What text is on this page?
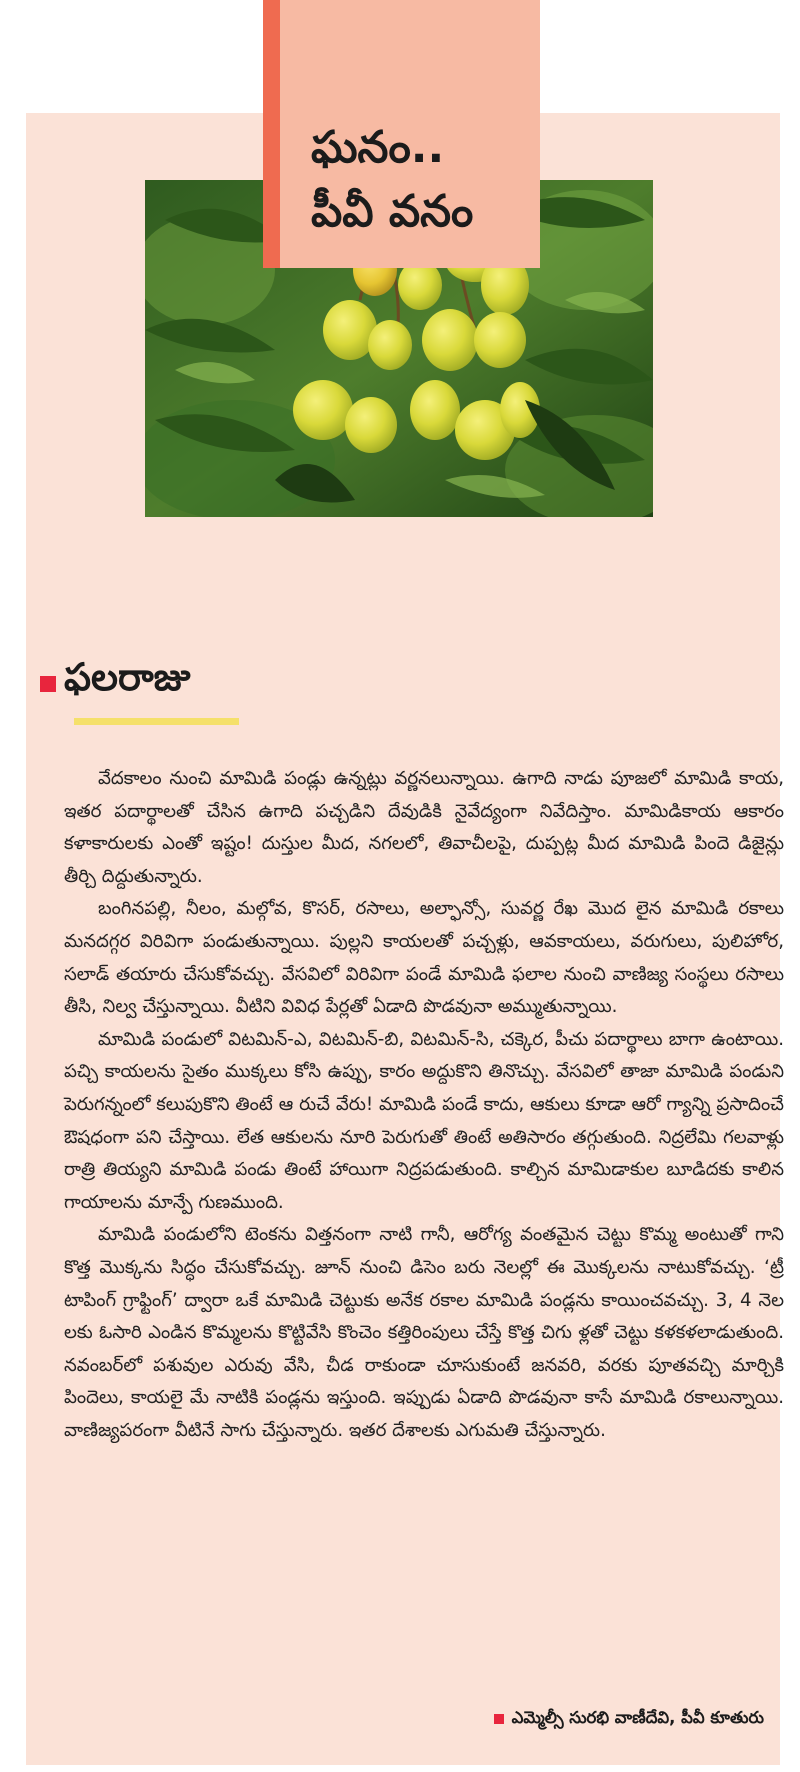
ఫలరాజు

వేదకాలం నుంచి మామిడి పండ్లు ఉన్నట్లు వర్ణనలున్నాయి. ఉగాది నాడు పూజలో మామిడి కాయ, ఇతర పదార్థాలతో చేసిన ఉగాది పచ్చడిని దేవుడికి నైవేద్యంగా నివేదిస్తాం. మామిడికాయ ఆకారం కళాకారులకు ఎంతో ఇష్టం! దుస్తుల మీద, నగలలో, తివాచీలపై, దుప్పట్ల మీద మామిడి పిందె డిజైన్లు తీర్చి దిద్దుతున్నారు.

బంగినపల్లి, నీలం, మల్గోవ, కొసర్, రసాలు, అల్ఫాన్సో, సువర్ణ రేఖ మొద లైన మామిడి రకాలు మనదగ్గర విరివిగా పండుతున్నాయి. పుల్లని కాయలతో పచ్చళ్లు, ఆవకాయలు, వరుగులు, పులిహోర, సలాడ్ తయారు చేసుకోవచ్చు. వేసవిలో విరివిగా పండే మామిడి ఫలాల నుంచి వాణిజ్య సంస్థలు రసాలు తీసి, నిల్వ చేస్తున్నాయి. వీటిని వివిధ పేర్లతో ఏడాది పొడవునా అమ్ముతున్నాయి.

మామిడి పండులో విటమిన్-ఎ, విటమిన్-బి, విటమిన్-సి, చక్కెర, పీచు పదార్థాలు బాగా ఉంటాయి. పచ్చి కాయలను సైతం ముక్కలు కోసి ఉప్పు, కారం అద్దుకొని తినొచ్చు. వేసవిలో తాజా మామిడి పండుని పెరుగన్నంలో కలుపుకొని తింటే ఆ రుచే వేరు! మామిడి పండే కాదు, ఆకులు కూడా ఆరో గ్యాన్ని ప్రసాదించే ఔషధంగా పని చేస్తాయి. లేత ఆకులను నూరి పెరుగుతో తింటే అతిసారం తగ్గుతుంది. నిద్రలేమి గలవాళ్లు రాత్రి తియ్యని మామిడి పండు తింటే హాయిగా నిద్రపడుతుంది. కాల్చిన మామిడాకుల బూడిదకు కాలిన గాయాలను మాన్పే గుణముంది.

మామిడి పండులోని టెంకను విత్తనంగా నాటి గానీ, ఆరోగ్య వంతమైన చెట్టు కొమ్మ అంటుతో గాని కొత్త మొక్కను సిద్ధం చేసుకోవచ్చు. జూన్ నుంచి డిసెం బరు నెలల్లో ఈ మొక్కలను నాటుకోవచ్చు. ‘ట్రీ టాపింగ్ గ్రాఫ్టింగ్’ ద్వారా ఒకే మామిడి చెట్టుకు అనేక రకాల మామిడి పండ్లను కాయించవచ్చు. 3, 4 నెల లకు ఓసారి ఎండిన కొమ్మలను కొట్టివేసి కొంచెం కత్తిరింపులు చేస్తే కొత్త చిగు ళ్లతో చెట్టు కళకళలాడుతుంది. నవంబర్‌లో పశువుల ఎరువు వేసి, చీడ రాకుండా చూసుకుంటే జనవరి, వరకు పూతవచ్చి మార్చికి పిందెలు, కాయలై మే నాటికి పండ్లను ఇస్తుంది. ఇప్పుడు ఏడాది పొడవునా కాసే మామిడి రకాలున్నాయి. వాణిజ్యపరంగా వీటినే సాగు చేస్తున్నారు. ఇతర దేశాలకు ఎగుమతి చేస్తున్నారు.

ఘనం..
పీవీ వనం
ఎమ్మెల్సీ సురభి వాణీదేవి, పీవీ కూతురు
